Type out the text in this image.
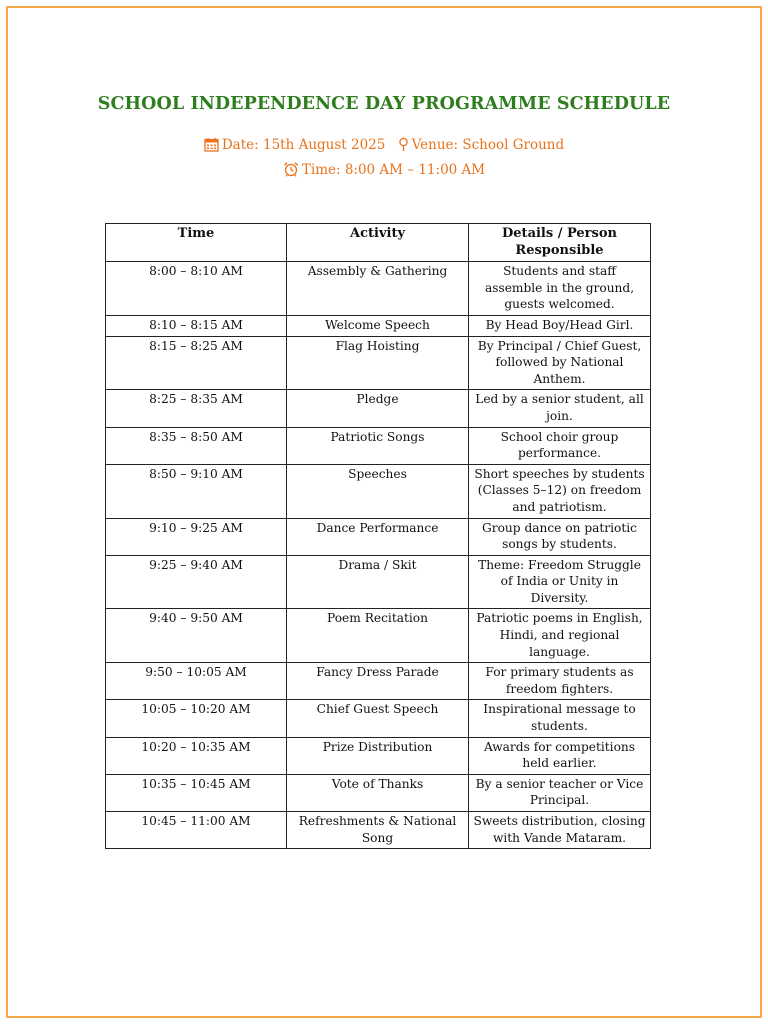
SCHOOL INDEPENDENCE DAY PROGRAMME SCHEDULE
Date: 15th August 2025 Venue: School Ground Time: 8:00 AM – 11:00 AM
Time	Activity	Details / Person Responsible
8:00 – 8:10 AM	Assembly & Gathering	Students and staff assemble in the ground, guests welcomed.
8:10 – 8:15 AM	Welcome Speech	By Head Boy/Head Girl.
8:15 – 8:25 AM	Flag Hoisting	By Principal / Chief Guest, followed by National Anthem.
8:25 – 8:35 AM	Pledge	Led by a senior student, all join.
8:35 – 8:50 AM	Patriotic Songs	School choir group performance.
8:50 – 9:10 AM	Speeches	Short speeches by students (Classes 5–12) on freedom and patriotism.
9:10 – 9:25 AM	Dance Performance	Group dance on patriotic songs by students.
9:25 – 9:40 AM	Drama / Skit	Theme: Freedom Struggle of India or Unity in Diversity.
9:40 – 9:50 AM	Poem Recitation	Patriotic poems in English, Hindi, and regional language.
9:50 – 10:05 AM	Fancy Dress Parade	For primary students as freedom fighters.
10:05 – 10:20 AM	Chief Guest Speech	Inspirational message to students.
10:20 – 10:35 AM	Prize Distribution	Awards for competitions held earlier.
10:35 – 10:45 AM	Vote of Thanks	By a senior teacher or Vice Principal.
10:45 – 11:00 AM	Refreshments & National Song	Sweets distribution, closing with Vande Mataram.
